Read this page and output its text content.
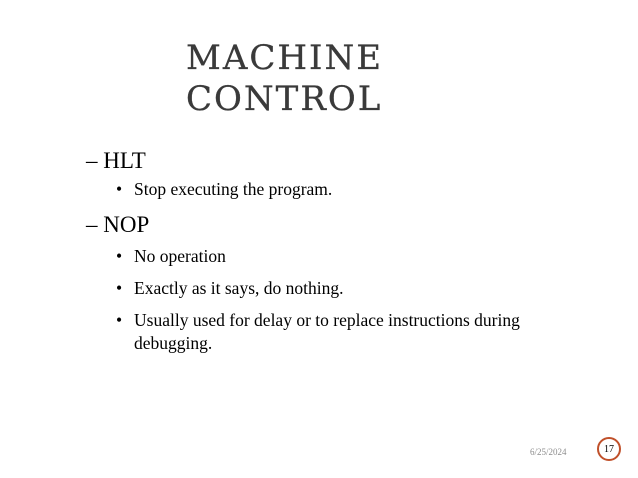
MACHINE
CONTROL
– HLT
• Stop executing the program.
– NOP
• No operation
• Exactly as it says, do nothing.
• Usually used for delay or to replace instructions during debugging.
6/25/2024	17
